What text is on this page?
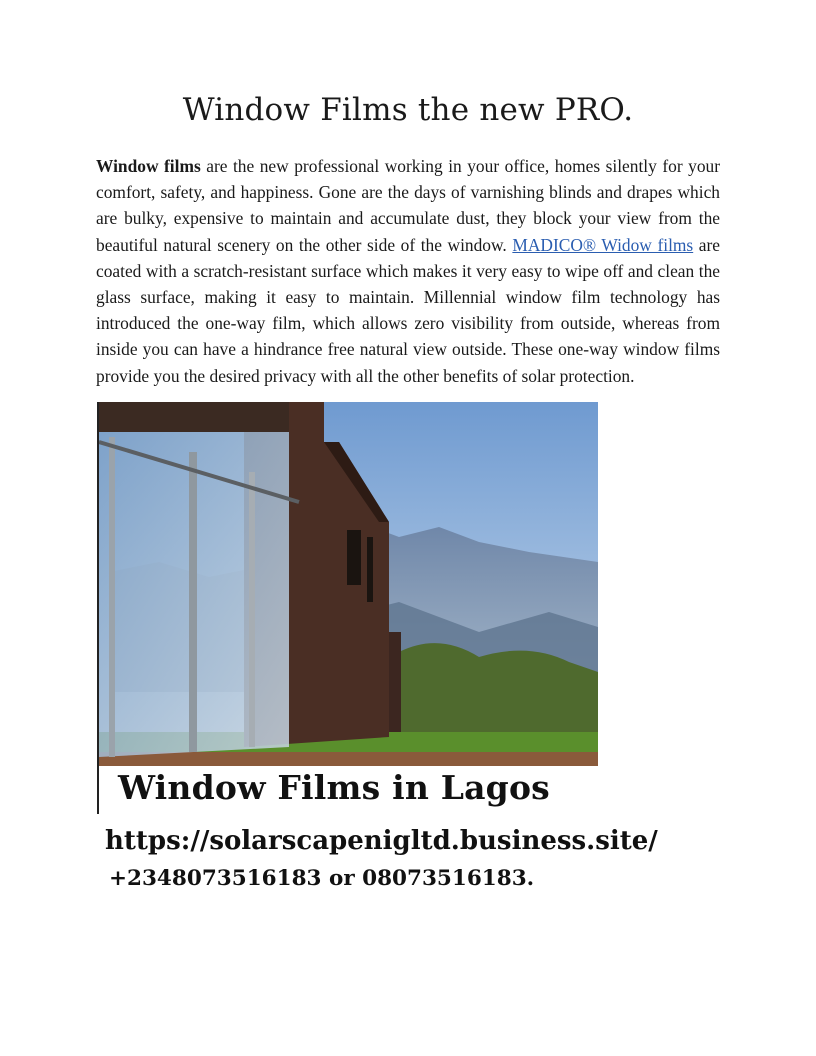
Window Films the new PRO.

Window films are the new professional working in your office, homes silently for your comfort, safety, and happiness. Gone are the days of varnishing blinds and drapes which are bulky, expensive to maintain and accumulate dust, they block your view from the beautiful natural scenery on the other side of the window. MADICO® Widow films are coated with a scratch-resistant surface which makes it very easy to wipe off and clean the glass surface, making it easy to maintain. Millennial window film technology has introduced the one-way film, which allows zero visibility from outside, whereas from inside you can have a hindrance free natural view outside. These one-way window films provide you the desired privacy with all the other benefits of solar protection.

Window Films in Lagos
https://solarscapenigltd.business.site/
+2348073516183 or 08073516183.
